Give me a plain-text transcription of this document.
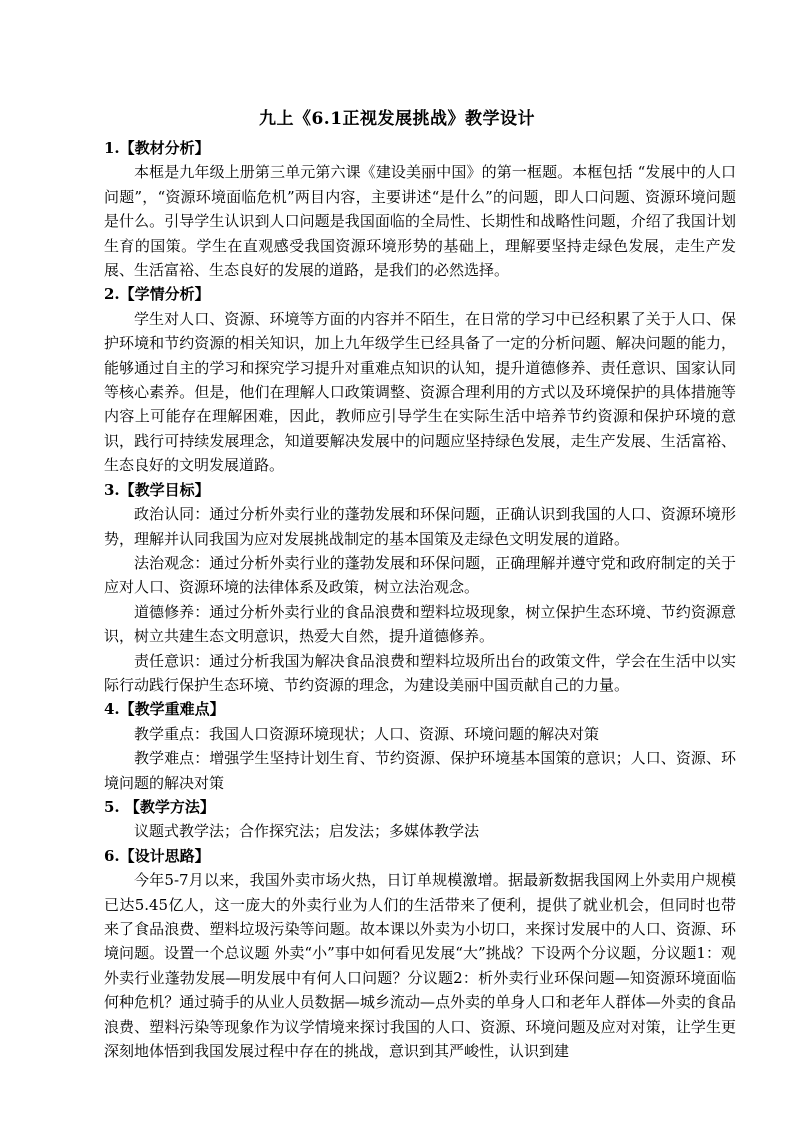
九上《6.1正视发展挑战》教学设计

1.【教材分析】

本框是九年级上册第三单元第六课《建设美丽中国》的第一框题。本框包括 “发展中的人口问题”，“资源环境面临危机”两目内容，主要讲述“是什么”的问题，即人口问题、资源环境问题是什么。引导学生认识到人口问题是我国面临的全局性、长期性和战略性问题，介绍了我国计划生育的国策。学生在直观感受我国资源环境形势的基础上，理解要坚持走绿色发展，走生产发展、生活富裕、生态良好的发展的道路，是我们的必然选择。

2.【学情分析】

学生对人口、资源、环境等方面的内容并不陌生，在日常的学习中已经积累了关于人口、保护环境和节约资源的相关知识，加上九年级学生已经具备了一定的分析问题、解决问题的能力，能够通过自主的学习和探究学习提升对重难点知识的认知，提升道德修养、责任意识、国家认同等核心素养。但是，他们在理解人口政策调整、资源合理利用的方式以及环境保护的具体措施等内容上可能存在理解困难，因此，教师应引导学生在实际生活中培养节约资源和保护环境的意识，践行可持续发展理念，知道要解决发展中的问题应坚持绿色发展，走生产发展、生活富裕、生态良好的文明发展道路。

3.【教学目标】

政治认同：通过分析外卖行业的蓬勃发展和环保问题，正确认识到我国的人口、资源环境形势，理解并认同我国为应对发展挑战制定的基本国策及走绿色文明发展的道路。

法治观念：通过分析外卖行业的蓬勃发展和环保问题，正确理解并遵守党和政府制定的关于应对人口、资源环境的法律体系及政策，树立法治观念。

道德修养：通过分析外卖行业的食品浪费和塑料垃圾现象，树立保护生态环境、节约资源意识，树立共建生态文明意识，热爱大自然，提升道德修养。

责任意识：通过分析我国为解决食品浪费和塑料垃圾所出台的政策文件，学会在生活中以实际行动践行保护生态环境、节约资源的理念，为建设美丽中国贡献自己的力量。

4.【教学重难点】

教学重点：我国人口资源环境现状；人口、资源、环境问题的解决对策

教学难点：增强学生坚持计划生育、节约资源、保护环境基本国策的意识；人口、资源、环境问题的解决对策

5. 【教学方法】

议题式教学法；合作探究法；启发法；多媒体教学法

6.【设计思路】

今年5-7月以来，我国外卖市场火热，日订单规模激增。据最新数据我国网上外卖用户规模已达5.45亿人，这一庞大的外卖行业为人们的生活带来了便利，提供了就业机会，但同时也带来了食品浪费、塑料垃圾污染等问题。故本课以外卖为小切口，来探讨发展中的人口、资源、环境问题。设置一个总议题 外卖“小”事中如何看见发展“大”挑战？下设两个分议题，分议题1：观外卖行业蓬勃发展—明发展中有何人口问题？分议题2：析外卖行业环保问题—知资源环境面临何种危机？通过骑手的从业人员数据—城乡流动—点外卖的单身人口和老年人群体—外卖的食品浪费、塑料污染等现象作为议学情境来探讨我国的人口、资源、环境问题及应对对策，让学生更深刻地体悟到我国发展过程中存在的挑战，意识到其严峻性，认识到建
